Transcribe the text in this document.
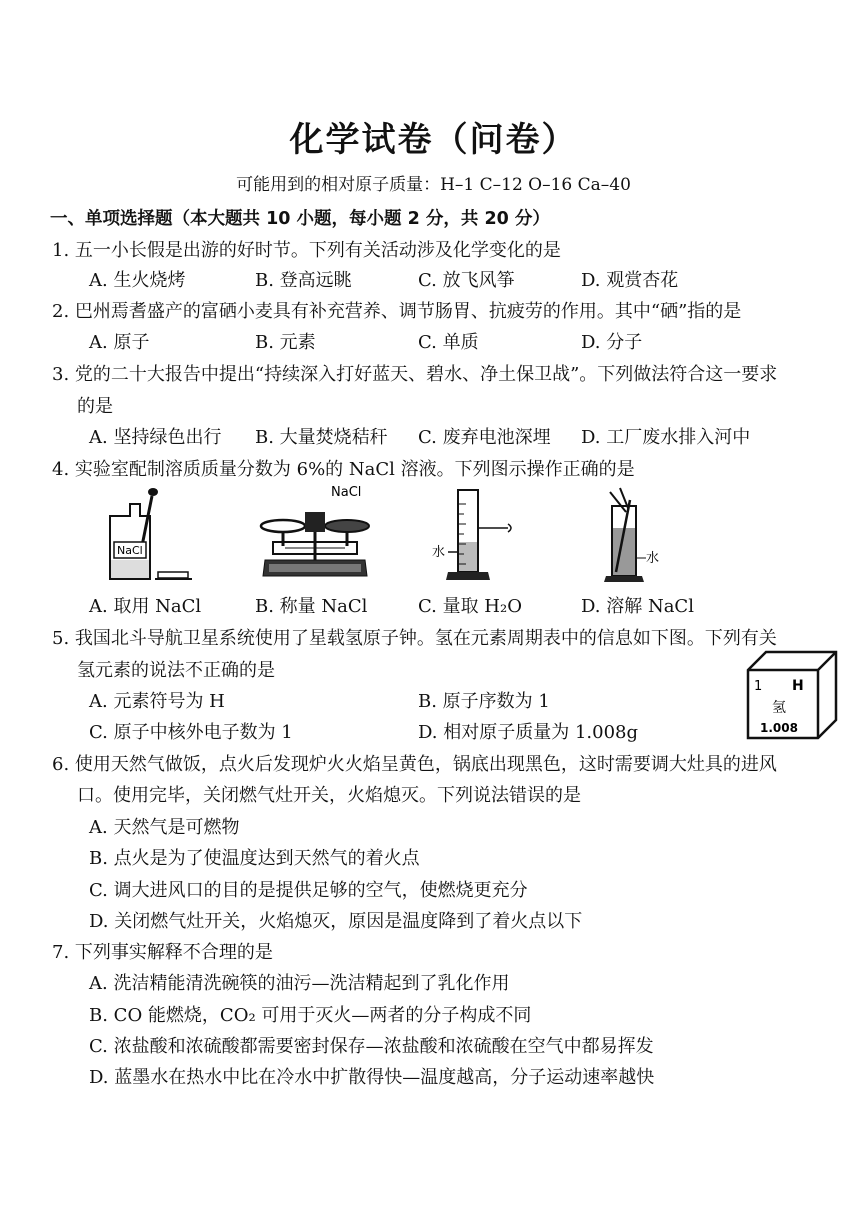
化学试卷（问卷）
可能用到的相对原子质量：H–1 C–12 O–16 Ca–40
一、单项选择题（本大题共 10 小题，每小题 2 分，共 20 分）
1. 五一小长假是出游的好时节。下列有关活动涉及化学变化的是
A. 生火烧烤	B. 登高远眺	C. 放飞风筝	D. 观赏杏花
2. 巴州焉耆盛产的富硒小麦具有补充营养、调节肠胃、抗疲劳的作用。其中“硒”指的是
A. 原子	B. 元素	C. 单质	D. 分子
3. 党的二十大报告中提出“持续深入打好蓝天、碧水、净土保卫战”。下列做法符合这一要求
的是
A. 坚持绿色出行 B. 大量焚烧秸秆 C. 废弃电池深埋 D. 工厂废水排入河中
4. 实验室配制溶质质量分数为 6%的 NaCl 溶液。下列图示操作正确的是
NaCl
NaCl
水	水
A. 取用 NaCl	B. 称量 NaCl	C. 量取 H₂O	D. 溶解 NaCl
5. 我国北斗导航卫星系统使用了星载氢原子钟。氢在元素周期表中的信息如下图。下列有关
氢元素的说法不正确的是
A. 元素符号为 H	B. 原子序数为 1
C. 原子中核外电子数为 1	D. 相对原子质量为 1.008g
1 H
氢
1.008
6. 使用天然气做饭，点火后发现炉火火焰呈黄色，锅底出现黑色，这时需要调大灶具的进风
口。使用完毕，关闭燃气灶开关，火焰熄灭。下列说法错误的是
A. 天然气是可燃物
B. 点火是为了使温度达到天然气的着火点
C. 调大进风口的目的是提供足够的空气，使燃烧更充分
D. 关闭燃气灶开关，火焰熄灭，原因是温度降到了着火点以下
7. 下列事实解释不合理的是
A. 洗洁精能清洗碗筷的油污—洗洁精起到了乳化作用
B. CO 能燃烧，CO₂ 可用于灭火—两者的分子构成不同
C. 浓盐酸和浓硫酸都需要密封保存—浓盐酸和浓硫酸在空气中都易挥发
D. 蓝墨水在热水中比在冷水中扩散得快—温度越高，分子运动速率越快
